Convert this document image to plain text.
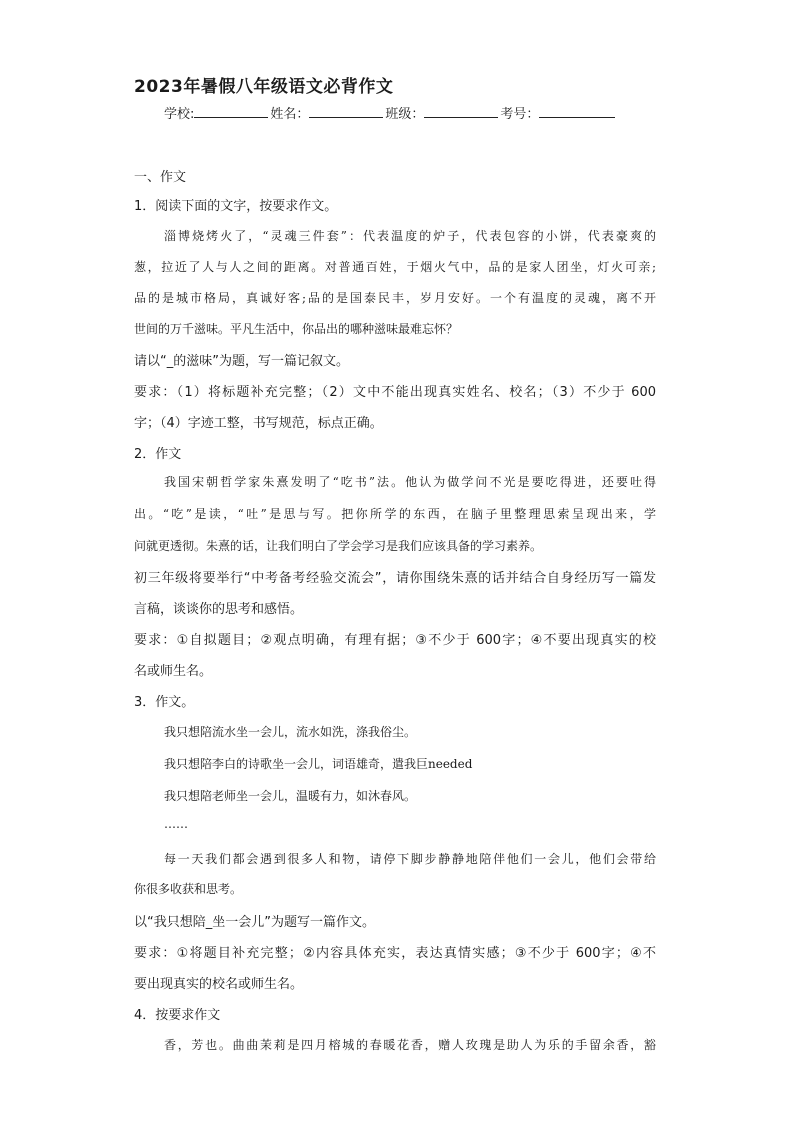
2023年暑假八年级语文必背作文
学校:	姓名：	班级：	考号：
一、作文
1．阅读下面的文字，按要求作文。
淄博烧烤火了，“灵魂三件套”：代表温度的炉子，代表包容的小饼，代表豪爽的
葱，拉近了人与人之间的距离。对普通百姓，于烟火气中，品的是家人团坐，灯火可亲;
品的是城市格局，真诚好客;品的是国泰民丰，岁月安好。一个有温度的灵魂，离不开
世间的万千滋味。平凡生活中，你品出的哪种滋味最难忘怀？
请以“_的滋味”为题，写一篇记叙文。
要求：（1）将标题补充完整；（2）文中不能出现真实姓名、校名；（3）不少于 600
字；（4）字迹工整，书写规范，标点正确。
2．作文
我国宋朝哲学家朱熹发明了“吃书”法。他认为做学问不光是要吃得进，还要吐得
出。“吃”是读，“吐”是思与写。把你所学的东西，在脑子里整理思索呈现出来，学
问就更透彻。朱熹的话，让我们明白了学会学习是我们应该具备的学习素养。
初三年级将要举行“中考备考经验交流会”，请你围绕朱熹的话并结合自身经历写一篇发
言稿，谈谈你的思考和感悟。
要求：①自拟题目；②观点明确，有理有据；③不少于 600字；④不要出现真实的校
名或师生名。
3．作文。
我只想陪流水坐一会儿，流水如洗，涤我俗尘。
我只想陪李白的诗歌坐一会儿，词语雄奇，遣我巨needed
我只想陪老师坐一会儿，温暖有力，如沐春风。
……
每一天我们都会遇到很多人和物，请停下脚步静静地陪伴他们一会儿，他们会带给
你很多收获和思考。
以“我只想陪_坐一会儿”为题写一篇作文。
要求：①将题目补充完整；②内容具体充实，表达真情实感；③不少于 600字；④不
要出现真实的校名或师生名。
4．按要求作文
香，芳也。曲曲茉莉是四月榕城的春暖花香，赠人玫瑰是助人为乐的手留余香，豁
